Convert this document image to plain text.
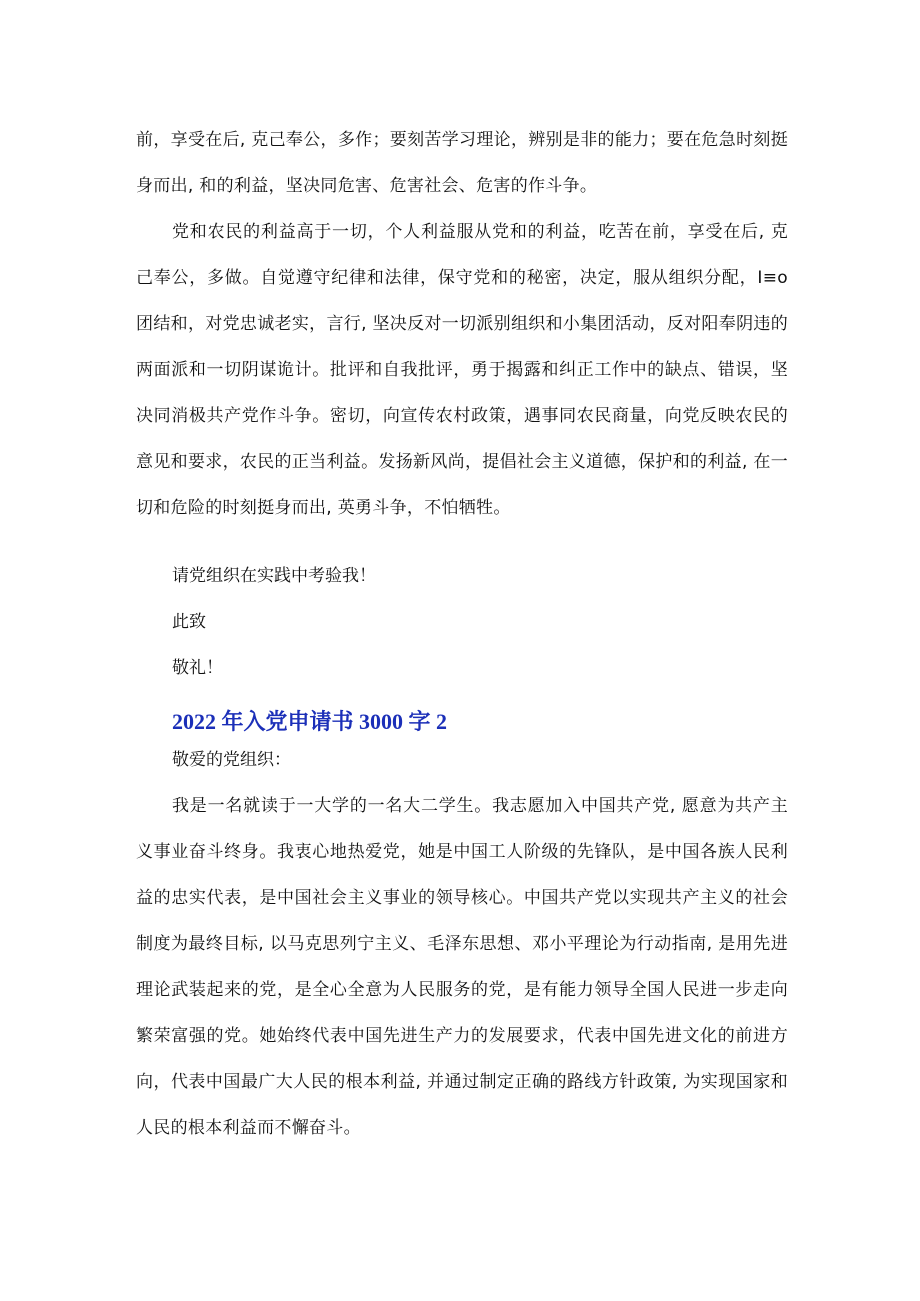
前，享受在后, 克己奉公，多作；要刻苦学习理论，辨别是非的能力；要在危急时刻挺身而出, 和的利益，坚决同危害、危害社会、危害的作斗争。

党和农民的利益高于一切，个人利益服从党和的利益，吃苦在前，享受在后, 克己奉公，多做。自觉遵守纪律和法律，保守党和的秘密，决定，服从组织分配，I≡o 团结和，对党忠诚老实，言行, 坚决反对一切派别组织和小集团活动，反对阳奉阴违的两面派和一切阴谋诡计。批评和自我批评，勇于揭露和纠正工作中的缺点、错误，坚决同消极共产党作斗争。密切，向宣传农村政策，遇事同农民商量，向党反映农民的意见和要求，农民的正当利益。发扬新风尚，提倡社会主义道德，保护和的利益, 在一切和危险的时刻挺身而出, 英勇斗争，不怕牺牲。

请党组织在实践中考验我！

此致

敬礼！

2022 年入党申请书 3000 字 2

敬爱的党组织：

我是一名就读于一大学的一名大二学生。我志愿加入中国共产党, 愿意为共产主义事业奋斗终身。我衷心地热爱党，她是中国工人阶级的先锋队，是中国各族人民利益的忠实代表，是中国社会主义事业的领导核心。中国共产党以实现共产主义的社会制度为最终目标, 以马克思列宁主义、毛泽东思想、邓小平理论为行动指南, 是用先进理论武装起来的党，是全心全意为人民服务的党，是有能力领导全国人民进一步走向繁荣富强的党。她始终代表中国先进生产力的发展要求，代表中国先进文化的前进方向，代表中国最广大人民的根本利益, 并通过制定正确的路线方针政策, 为实现国家和人民的根本利益而不懈奋斗。
